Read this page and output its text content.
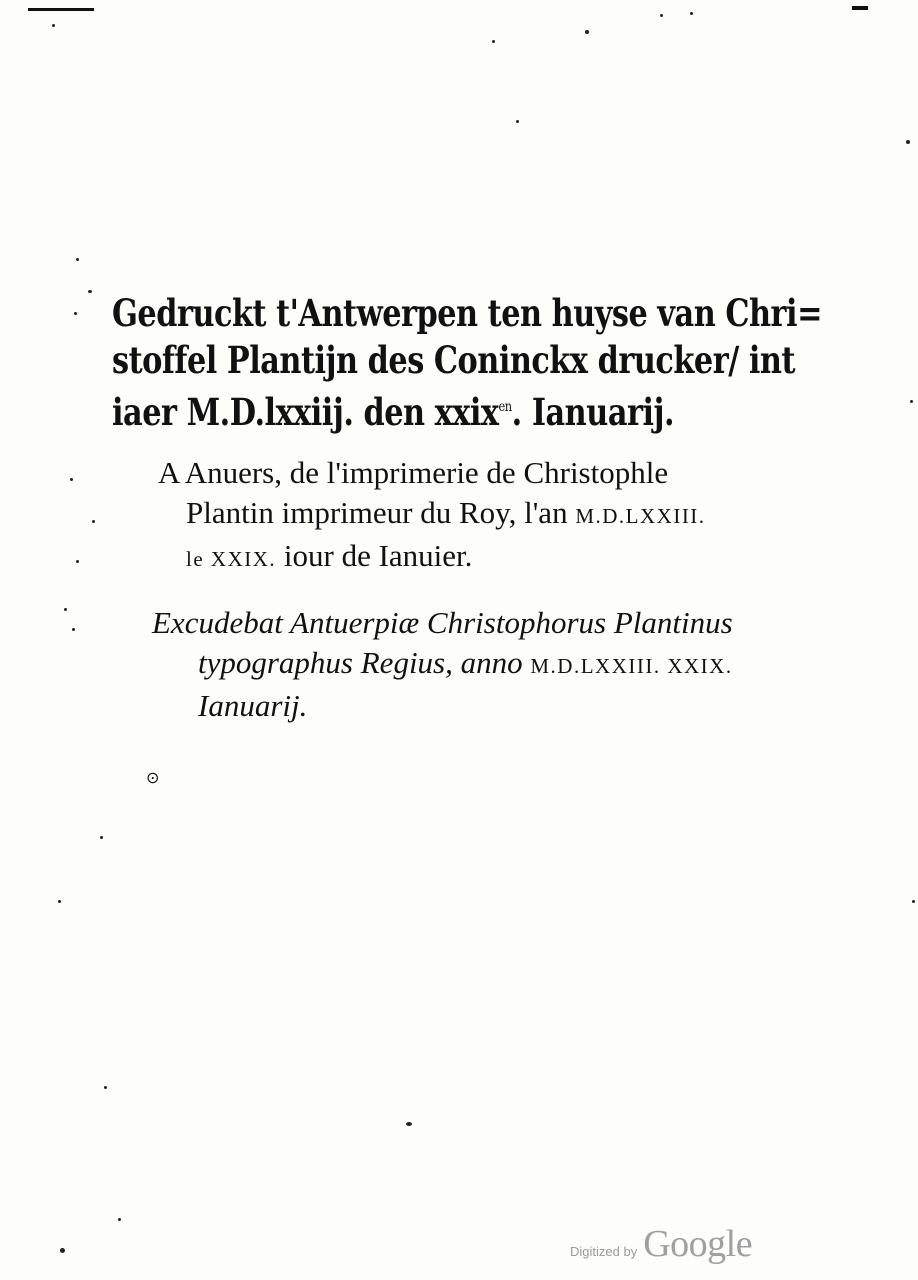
Gedruckt t'Antwerpen ten huyse van Chri=
stoffel Plantijn des Coninckx drucker/ int
iaer M.D.lxxiij. den xxix$^{en}$. Ianuarij.
A Anuers, de l'imprimerie de Christophle
Plantin imprimeur du Roy, l'an M.D.LXXIII.
le XXIX. iour de Ianuier.
Excudebat Antuerpiæ Christophorus Plantinus
typographus Regius, anno M.D.LXXIII. XXIX.
Ianuarij.
⊙
Digitized by Google
